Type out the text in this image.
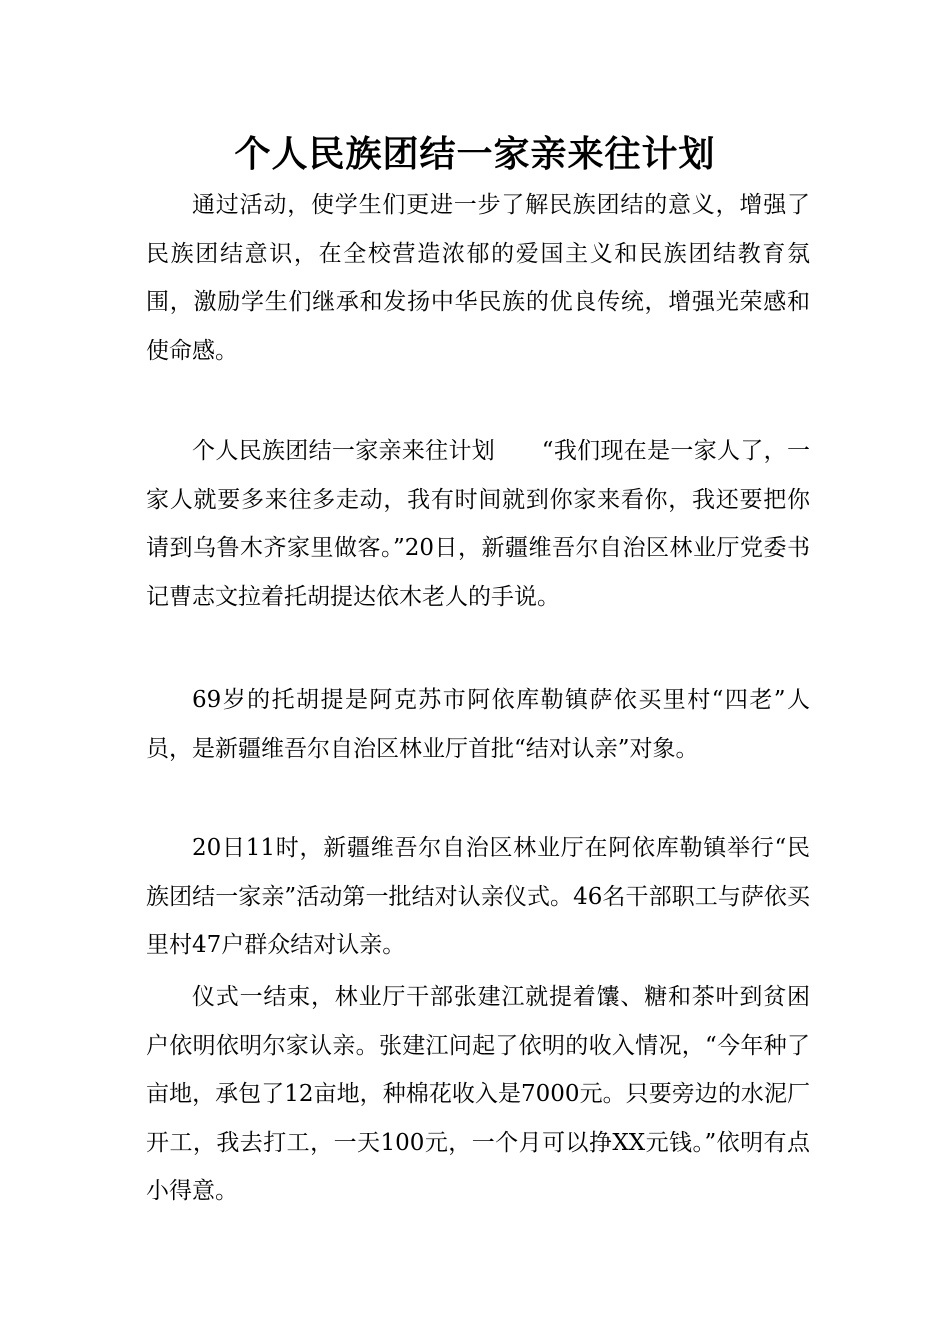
个人民族团结一家亲来往计划

通过活动，使学生们更进一步了解民族团结的意义，增强了民族团结意识，在全校营造浓郁的爱国主义和民族团结教育氛围，激励学生们继承和发扬中华民族的优良传统，增强光荣感和使命感。

个人民族团结一家亲来往计划　　“我们现在是一家人了，一家人就要多来往多走动，我有时间就到你家来看你，我还要把你请到乌鲁木齐家里做客。”20日，新疆维吾尔自治区林业厅党委书记曹志文拉着托胡提达依木老人的手说。

69岁的托胡提是阿克苏市阿依库勒镇萨依买里村“四老”人员，是新疆维吾尔自治区林业厅首批“结对认亲”对象。

20日11时，新疆维吾尔自治区林业厅在阿依库勒镇举行“民族团结一家亲”活动第一批结对认亲仪式。46名干部职工与萨依买里村47户群众结对认亲。

仪式一结束，林业厅干部张建江就提着馕、糖和茶叶到贫困户依明依明尔家认亲。张建江问起了依明的收入情况，“今年种了亩地，承包了12亩地，种棉花收入是7000元。只要旁边的水泥厂开工，我去打工，一天100元，一个月可以挣XX元钱。”依明有点小得意。
